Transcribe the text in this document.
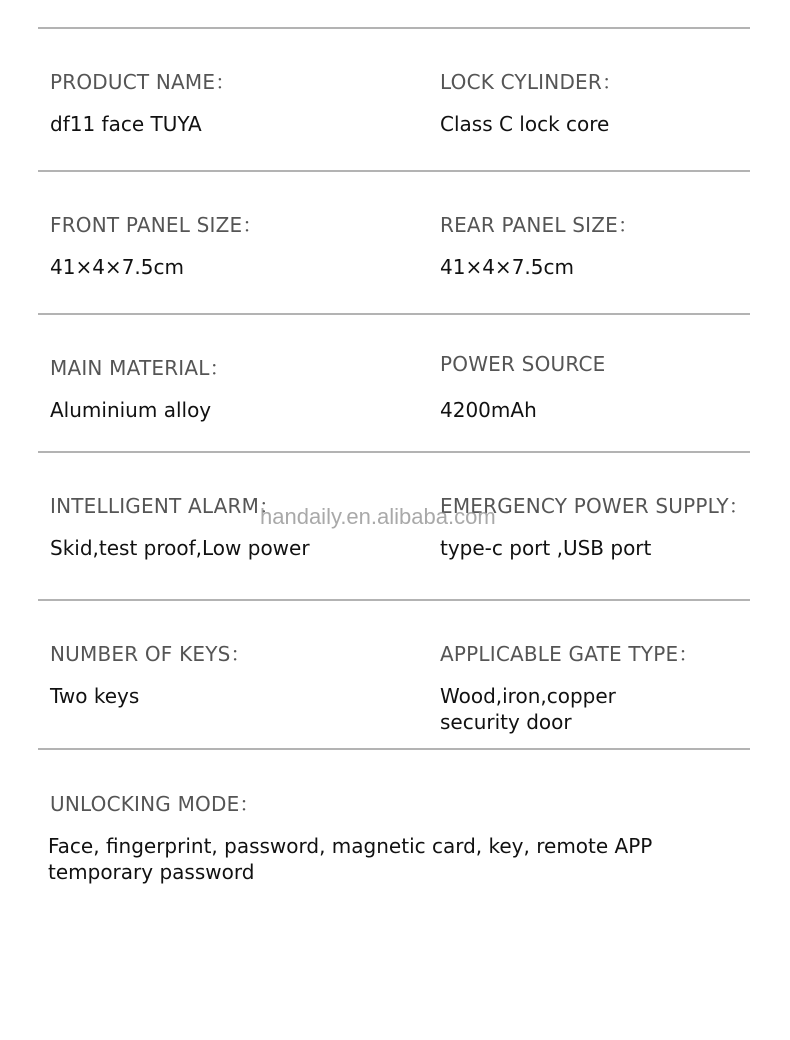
PRODUCT NAME：
df11 face TUYA
LOCK CYLINDER：
Class C lock core
FRONT PANEL SIZE：
41×4×7.5cm
REAR PANEL SIZE：
41×4×7.5cm
MAIN MATERIAL：
Aluminium alloy
POWER SOURCE
4200mAh
INTELLIGENT ALARM：
Skid,test proof,Low power
EMERGENCY POWER SUPPLY：
type-c port ,USB port
handaily.en.alibaba.com
NUMBER OF KEYS：
Two keys
APPLICABLE GATE TYPE：
Wood,iron,copper
security door
UNLOCKING MODE：
Face, fingerprint, password, magnetic card, key, remote APP
temporary password
